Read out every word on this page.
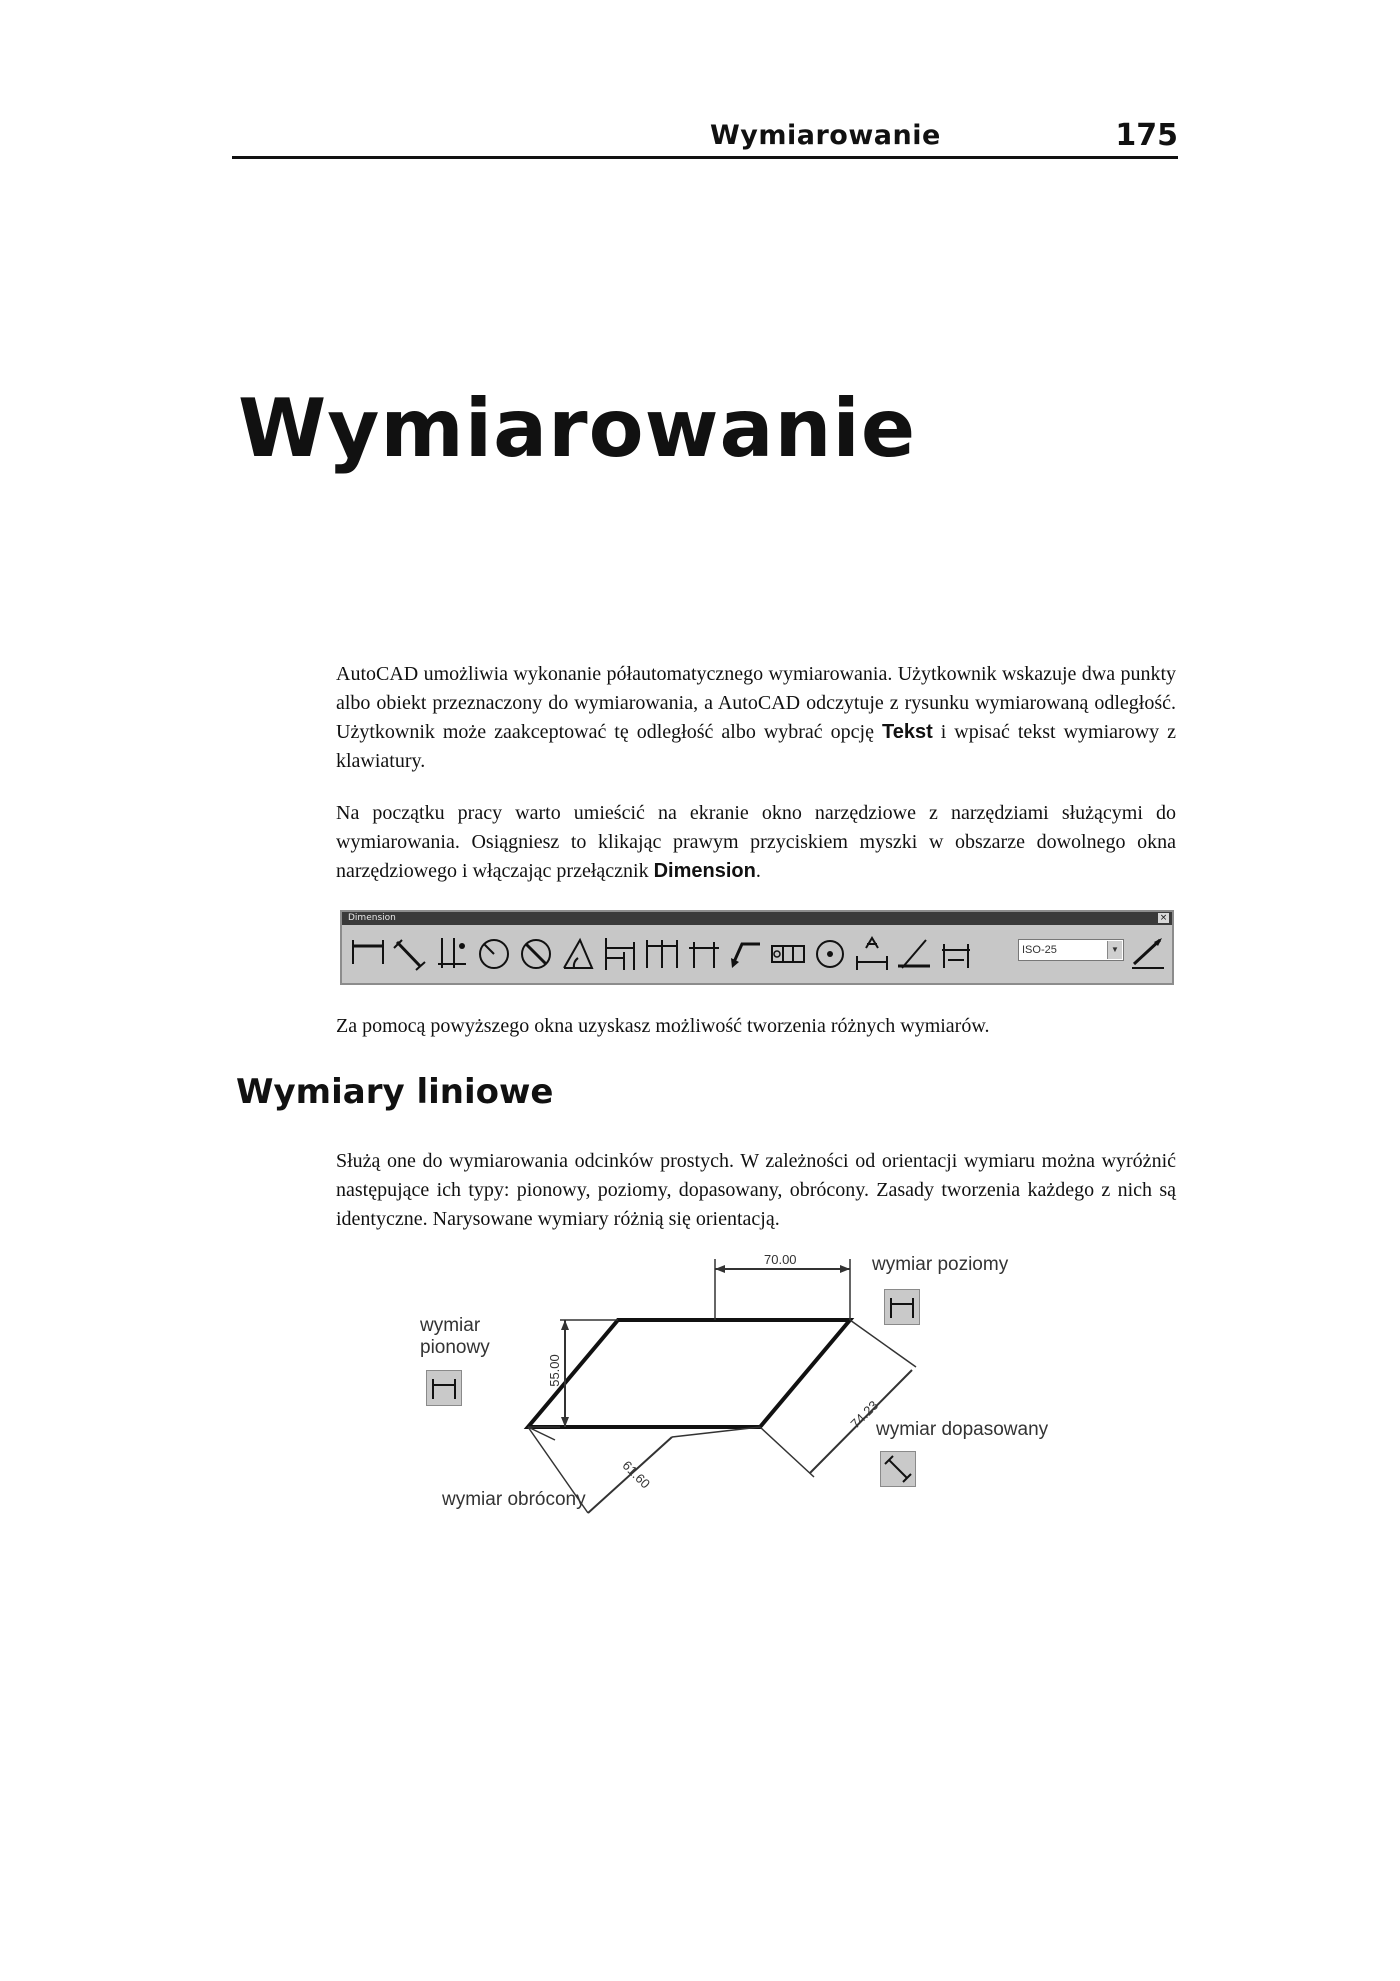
Wymiarowanie	175
Wymiarowanie

AutoCAD umożliwia wykonanie półautomatycznego wymiarowania. Użytkownik wskazuje dwa punkty albo obiekt przeznaczony do wymiarowania, a AutoCAD odczytuje z rysunku wymiarowaną odległość. Użytkownik może zaakceptować tę odległość albo wybrać opcję Tekst i wpisać tekst wymiarowy z klawiatury.

Na początku pracy warto umieścić na ekranie okno narzędziowe z narzędziami służącymi do wymiarowania. Osiągniesz to klikając prawym przyciskiem myszki w obszarze dowolnego okna narzędziowego i włączając przełącznik Dimension.

Dimension	×
ISO-25	▼

Za pomocą powyższego okna uzyskasz możliwość tworzenia różnych wymiarów.

Wymiary liniowe

Służą one do wymiarowania odcinków prostych. W zależności od orientacji wymiaru można wyróżnić następujące ich typy: pionowy, poziomy, dopasowany, obrócony. Zasady tworzenia każdego z nich są identyczne. Narysowane wymiary różnią się orientacją.

70.00
55.00
74.23
61.60
wymiar poziomy
wymiar pionowy
wymiar dopasowany
wymiar obrócony
